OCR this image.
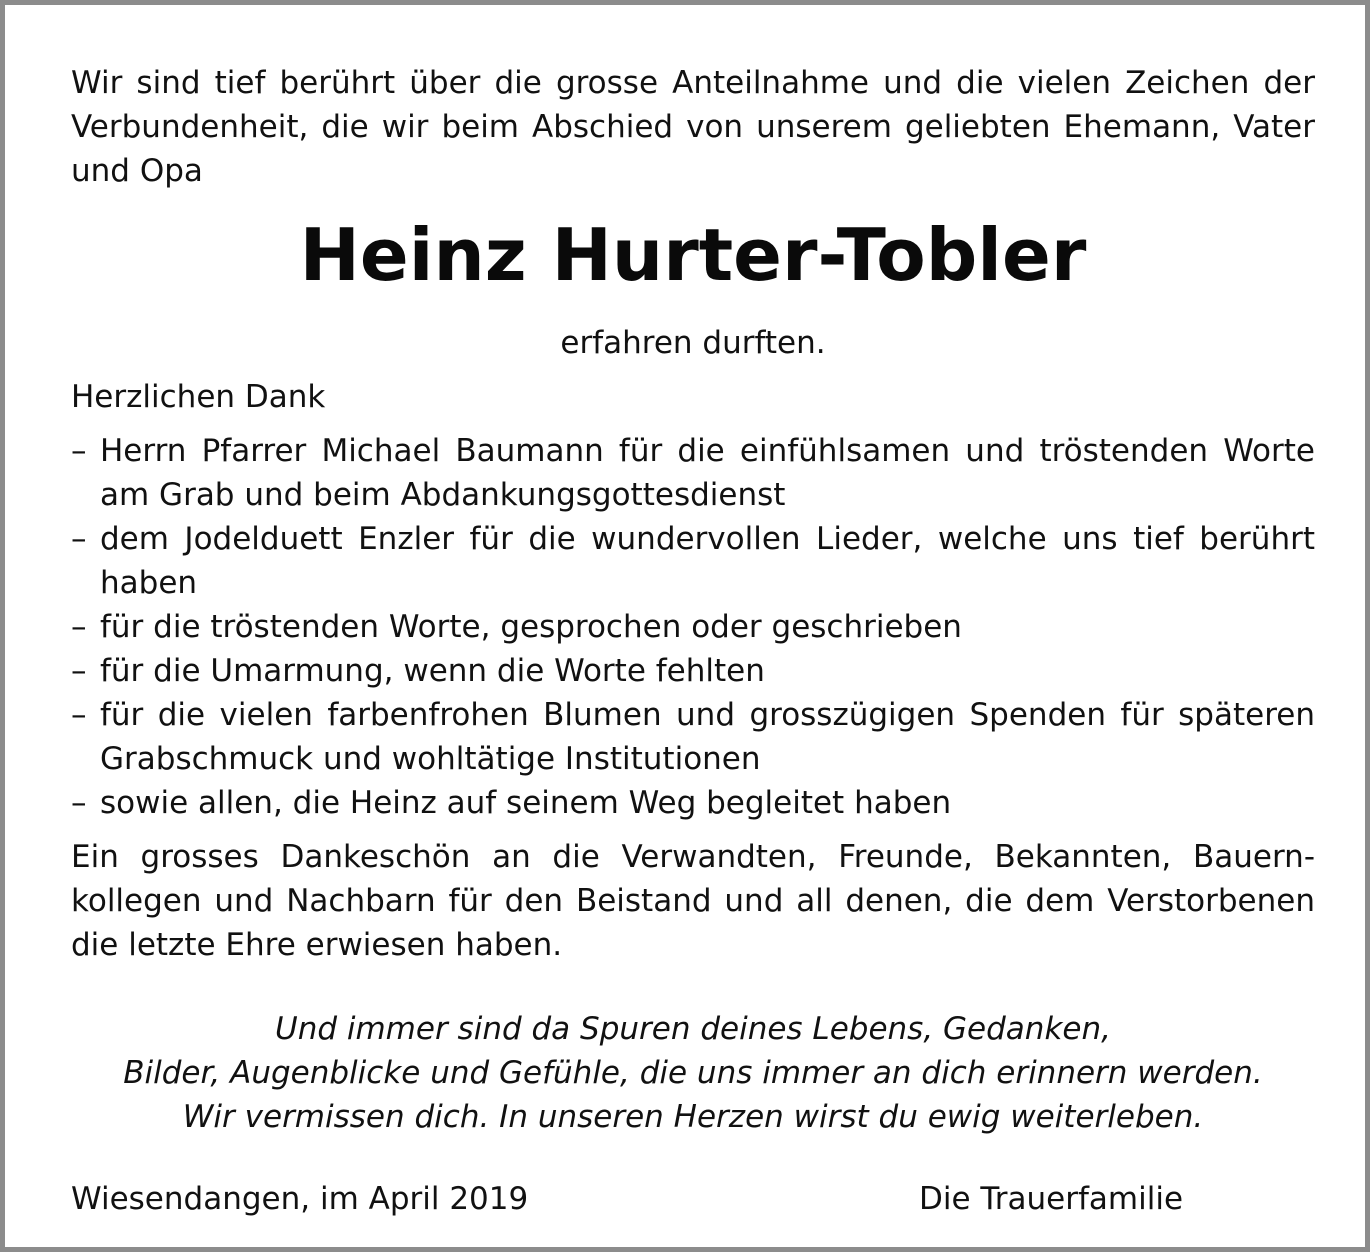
Wir sind tief berührt über die grosse Anteilnahme und die vielen Zeichen der Verbundenheit, die wir beim Abschied von unserem geliebten Ehemann, Vater und Opa

Heinz Hurter-Tobler

erfahren durften.

Herzlichen Dank

– Herrn Pfarrer Michael Baumann für die einfühlsamen und tröstenden Worte am Grab und beim Abdankungsgottesdienst
– dem Jodelduett Enzler für die wundervollen Lieder, welche uns tief berührt haben
– für die tröstenden Worte, gesprochen oder geschrieben
– für die Umarmung, wenn die Worte fehlten
– für die vielen farbenfrohen Blumen und grosszügigen Spenden für späteren Grabschmuck und wohltätige Institutionen
– sowie allen, die Heinz auf seinem Weg begleitet haben

Ein grosses Dankeschön an die Verwandten, Freunde, Bekannten, Bauernkollegen und Nachbarn für den Beistand und all denen, die dem Verstorbenen die letzte Ehre erwiesen haben.

Und immer sind da Spuren deines Lebens, Gedanken,
Bilder, Augenblicke und Gefühle, die uns immer an dich erinnern werden.
Wir vermissen dich. In unseren Herzen wirst du ewig weiterleben.

Wiesendangen, im April 2019	Die Trauerfamilie
